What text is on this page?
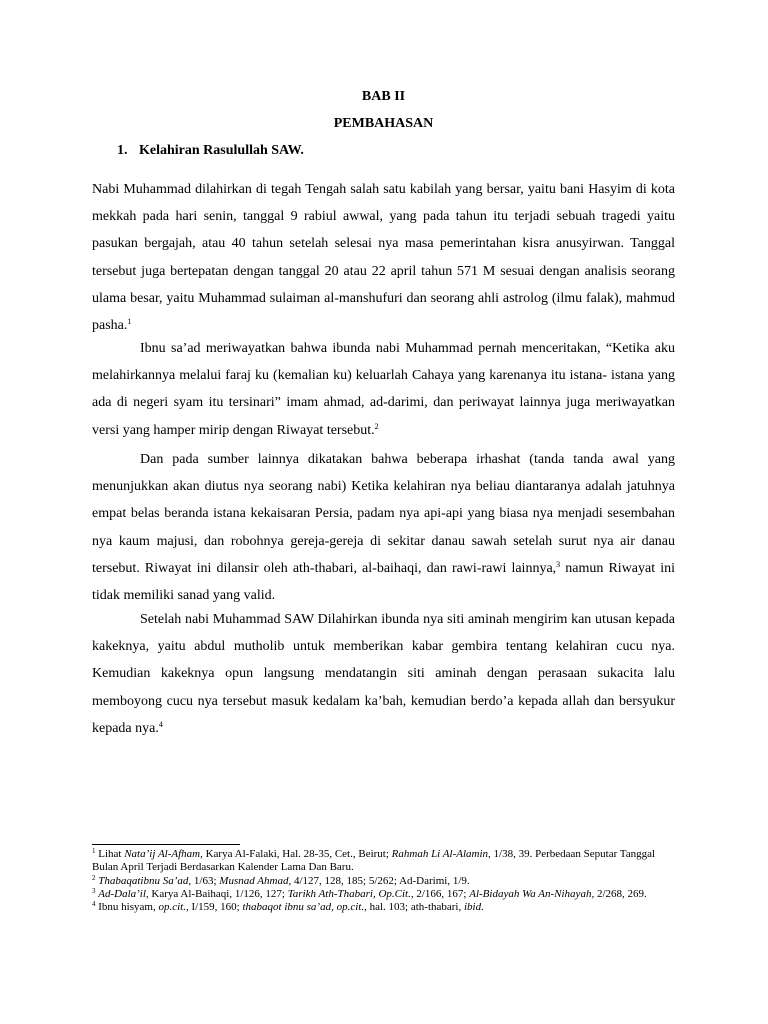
BAB II
PEMBAHASAN
1. Kelahiran Rasulullah SAW.

Nabi Muhammad dilahirkan di tegah Tengah salah satu kabilah yang bersar, yaitu bani Hasyim di kota mekkah pada hari senin, tanggal 9 rabiul awwal, yang pada tahun itu terjadi sebuah tragedi yaitu pasukan bergajah, atau 40 tahun setelah selesai nya masa pemerintahan kisra anusyirwan. Tanggal tersebut juga bertepatan dengan tanggal 20 atau 22 april tahun 571 M sesuai dengan analisis seorang ulama besar, yaitu Muhammad sulaiman al-manshufuri dan seorang ahli astrolog (ilmu falak), mahmud pasha.$^1$

Ibnu sa’ad meriwayatkan bahwa ibunda nabi Muhammad pernah menceritakan, “Ketika aku melahirkannya melalui faraj ku (kemalian ku) keluarlah Cahaya yang karenanya itu istana- istana yang ada di negeri syam itu tersinari” imam ahmad, ad-darimi, dan periwayat lainnya juga meriwayatkan versi yang hamper mirip dengan Riwayat tersebut.$^2$

Dan pada sumber lainnya dikatakan bahwa beberapa irhashat (tanda tanda awal yang menunjukkan akan diutus nya seorang nabi) Ketika kelahiran nya beliau diantaranya adalah jatuhnya empat belas beranda istana kekaisaran Persia, padam nya api-api yang biasa nya menjadi sesembahan nya kaum majusi, dan robohnya gereja-gereja di sekitar danau sawah setelah surut nya air danau tersebut. Riwayat ini dilansir oleh ath-thabari, al-baihaqi, dan rawi-rawi lainnya,$^3$ namun Riwayat ini tidak memiliki sanad yang valid.

Setelah nabi Muhammad SAW Dilahirkan ibunda nya siti aminah mengirim kan utusan kepada kakeknya, yaitu abdul mutholib untuk memberikan kabar gembira tentang kelahiran cucu nya. Kemudian kakeknya opun langsung mendatangin siti aminah dengan perasaan sukacita lalu memboyong cucu nya tersebut masuk kedalam ka’bah, kemudian berdo’a kepada allah dan bersyukur kepada nya.$^4$

$^1$ Lihat Nata’ij Al-Afham, Karya Al-Falaki, Hal. 28-35, Cet., Beirut; Rahmah Li Al-Alamin, 1/38, 39. Perbedaan Seputar Tanggal Bulan April Terjadi Berdasarkan Kalender Lama Dan Baru.

$^2$ Thabaqatibnu Sa’ad, 1/63; Musnad Ahmad, 4/127, 128, 185; 5/262; Ad-Darimi, 1/9.

$^3$ Ad-Dala’il, Karya Al-Baihaqi, 1/126, 127; Tarikh Ath-Thabari, Op.Cit., 2/166, 167; Al-Bidayah Wa An-Nihayah, 2/268, 269.

$^4$ Ibnu hisyam, op.cit., I/159, 160; thabaqot ibnu sa’ad, op.cit., hal. 103; ath-thabari, ibid.
